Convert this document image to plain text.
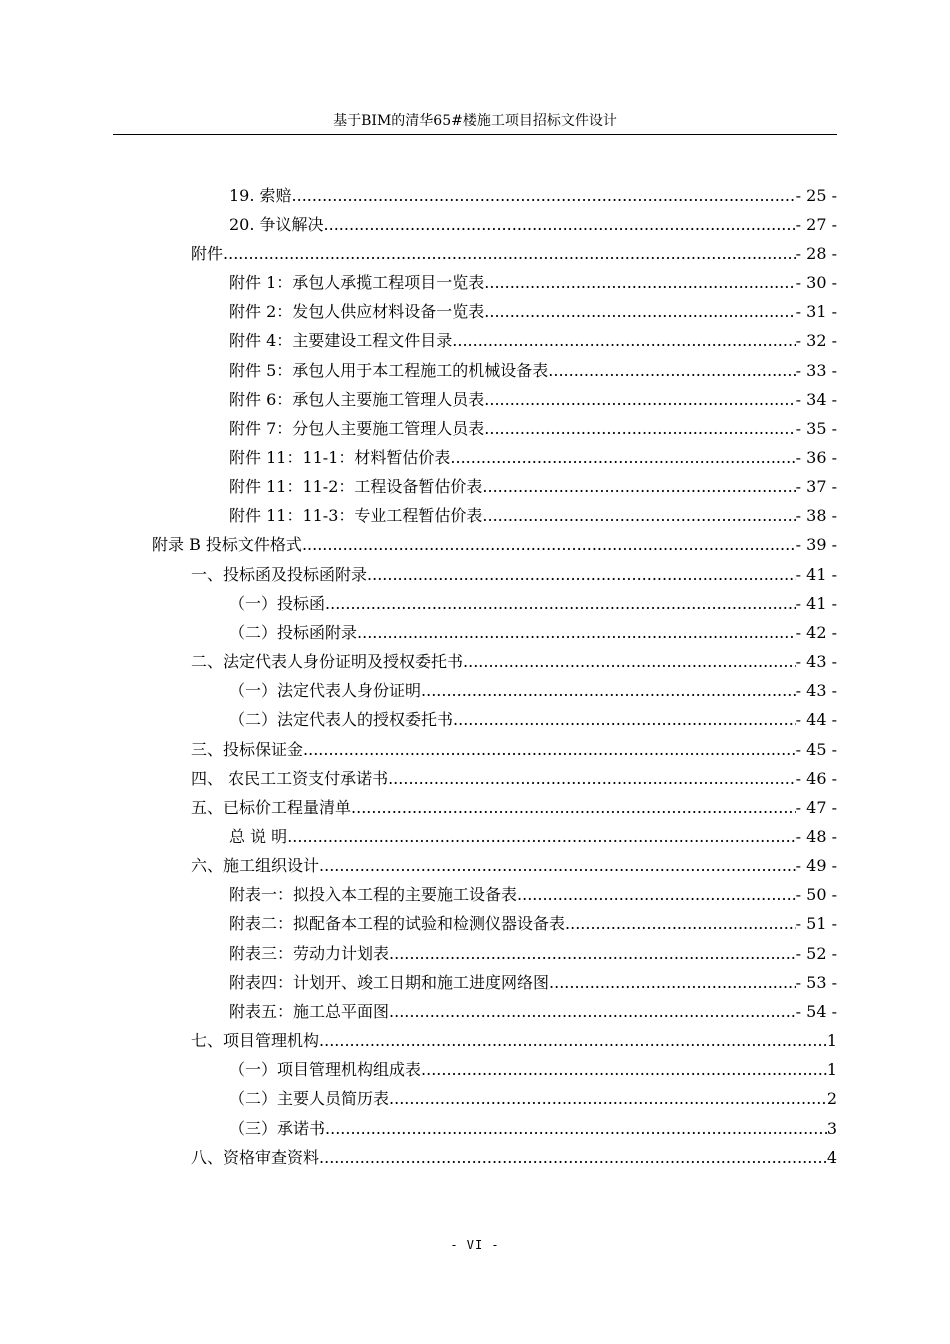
基于BIM的清华65#楼施工项目招标文件设计
19. 索赔 .....	- 25 -
20. 争议解决 .....	- 27 -
附件 .....	- 28 -
附件 1：承包人承揽工程项目一览表 .....	- 30 -
附件 2：发包人供应材料设备一览表 .....	- 31 -
附件 4：主要建设工程文件目录 .....	- 32 -
附件 5：承包人用于本工程施工的机械设备表 .....	- 33 -
附件 6：承包人主要施工管理人员表 .....	- 34 -
附件 7：分包人主要施工管理人员表 .....	- 35 -
附件 11：11-1：材料暂估价表 .....	- 36 -
附件 11：11-2：工程设备暂估价表 .....	- 37 -
附件 11：11-3：专业工程暂估价表 .....	- 38 -
附录 B 投标文件格式 .....	- 39 -
一、投标函及投标函附录 .....	- 41 -
（一）投标函 .....	- 41 -
（二）投标函附录 .....	- 42 -
二、法定代表人身份证明及授权委托书 .....	- 43 -
（一）法定代表人身份证明 .....	- 43 -
（二）法定代表人的授权委托书 .....	- 44 -
三、投标保证金 .....	- 45 -
四、 农民工工资支付承诺书 .....	- 46 -
五、已标价工程量清单 .....	- 47 -
总 说 明 .....	- 48 -
六、施工组织设计 .....	- 49 -
附表一：拟投入本工程的主要施工设备表 .....	- 50 -
附表二：拟配备本工程的试验和检测仪器设备表 .....	- 51 -
附表三：劳动力计划表 .....	- 52 -
附表四：计划开、竣工日期和施工进度网络图 .....	- 53 -
附表五：施工总平面图 .....	- 54 -
七、项目管理机构 .....	1
（一）项目管理机构组成表 .....	1
（二）主要人员简历表 .....	2
（三）承诺书 .....	3
八、资格审查资料 .....	4
- VI -
